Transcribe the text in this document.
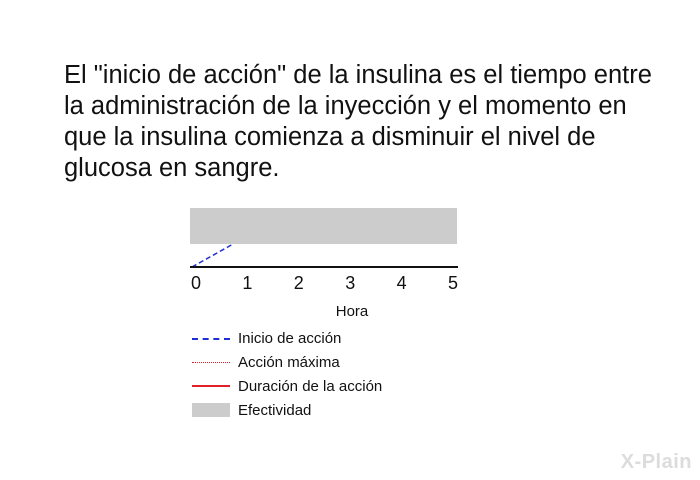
El "inicio de acción" de la insulina es el tiempo entre la administración de la inyección y el momento en que la insulina comienza a disminuir el nivel de glucosa en sangre.

0 1 2 3 4 5
Hora
Inicio de acción
Acción máxima
Duración de la acción
Efectividad
X-Plain
